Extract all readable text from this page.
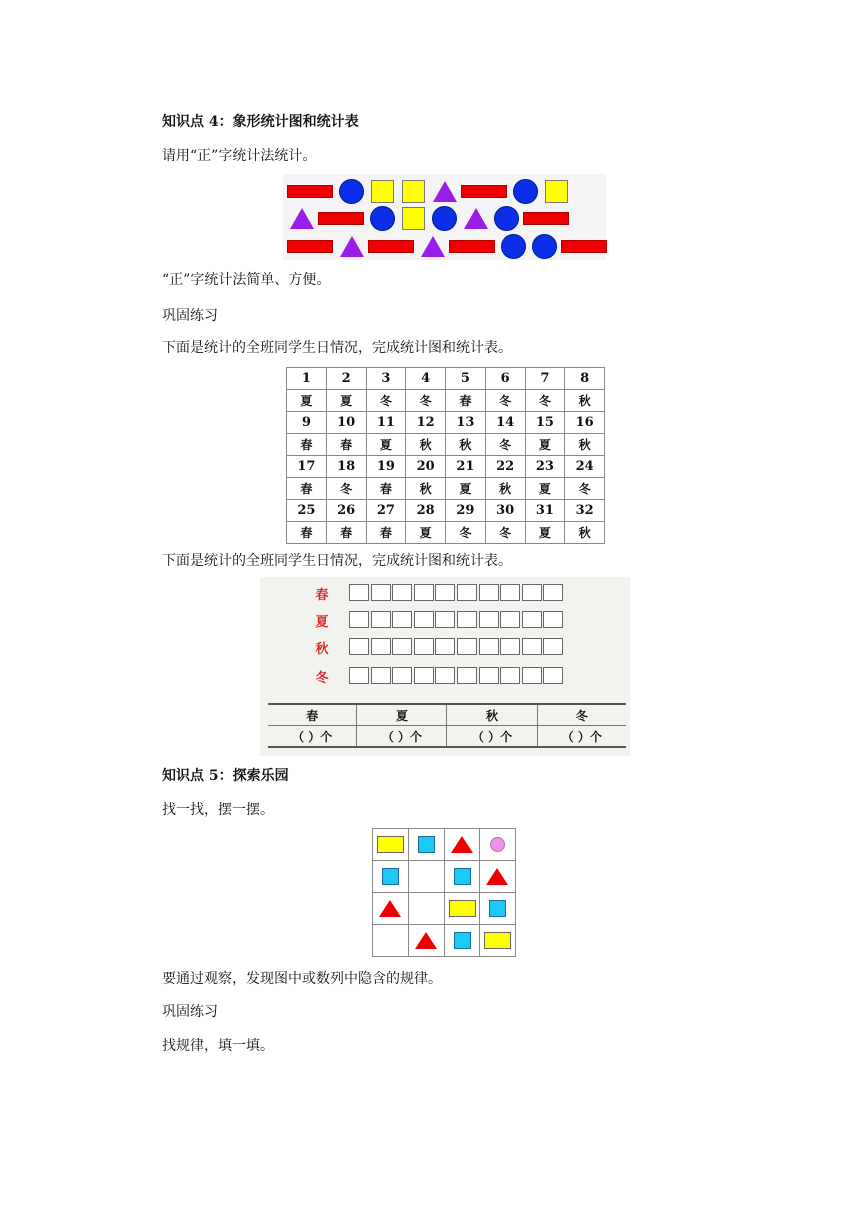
知识点 4：象形统计图和统计表
请用“正”字统计法统计。
“正”字统计法简单、方便。
巩固练习
下面是统计的全班同学生日情况，完成统计图和统计表。
1	2	3	4	5	6	7	8
夏	夏	冬	冬	春	冬	冬	秋
9	10	11	12	13	14	15	16
春	春	夏	秋	秋	冬	夏	秋
17	18	19	20	21	22	23	24
春	冬	春	秋	夏	秋	夏	冬
25	26	27	28	29	30	31	32
春	春	春	夏	冬	冬	夏	秋
下面是统计的全班同学生日情况，完成统计图和统计表。
春
夏
秋
冬
春	夏	秋	冬
（ ）个	（ ）个	（ ）个	（ ）个
知识点 5：探索乐园
找一找，摆一摆。

要通过观察，发现图中或数列中隐含的规律。
巩固练习
找规律，填一填。
